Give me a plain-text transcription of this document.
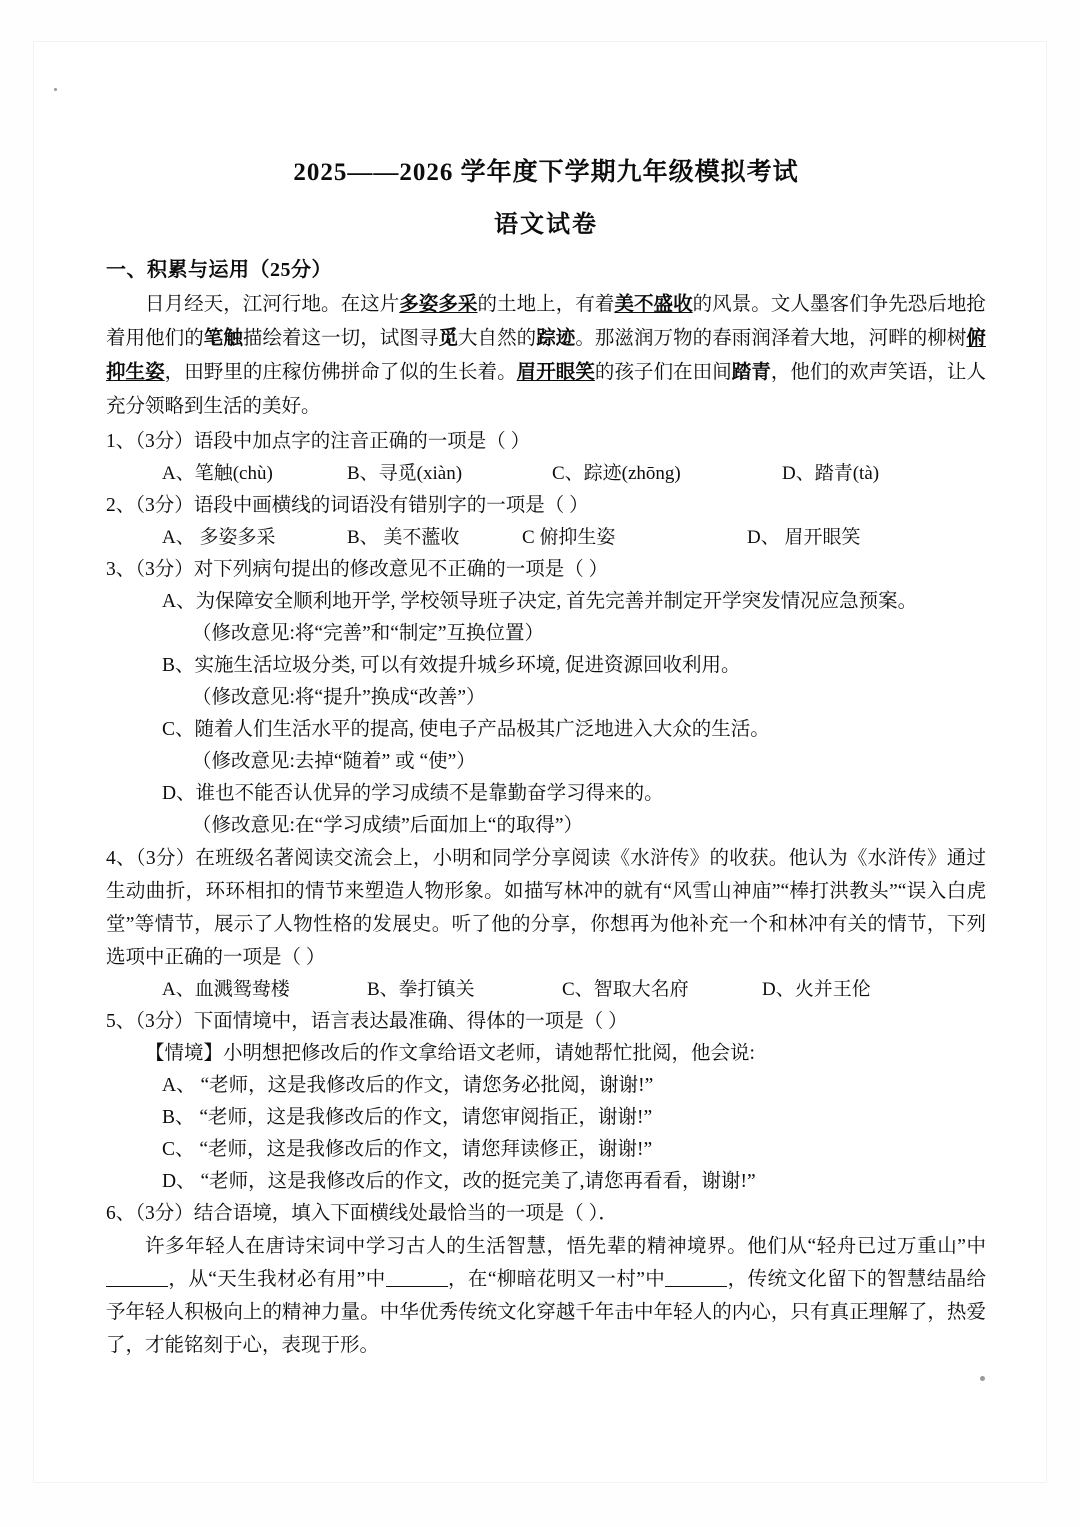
2025——2026 学年度下学期九年级模拟考试
语文试卷
一、积累与运用（25分）

日月经天，江河行地。在这片多姿多采的土地上，有着美不盛收的风景。文人墨客们争先恐后地抢着用他们的笔触描绘着这一切，试图寻觅大自然的踪迹。那滋润万物的春雨润泽着大地，河畔的柳树俯抑生姿，田野里的庄稼仿佛拼命了似的生长着。眉开眼笑的孩子们在田间踏青，他们的欢声笑语，让人充分领略到生活的美好。

1、（3分）语段中加点字的注音正确的一项是（ ）

A、笔触(chù)	B、寻觅(xiàn)	C、踪迹(zhōng)	D、踏青(tà)

2、（3分）语段中画横线的词语没有错别字的一项是（ ）

A、 多姿多采	B、 美不蘫收	C 俯抑生姿	D、 眉开眼笑

3、（3分）对下列病句提出的修改意见不正确的一项是（ ）

A、为保障安全顺利地开学, 学校领导班子决定, 首先完善并制定开学突发情况应急预案。

（修改意见:将“完善”和“制定”互换位置）

B、实施生活垃圾分类, 可以有效提升城乡环境, 促进资源回收利用。

（修改意见:将“提升”换成“改善”）

C、随着人们生活水平的提高, 使电子产品极其广泛地进入大众的生活。

（修改意见:去掉“随着” 或 “使”）

D、谁也不能否认优异的学习成绩不是靠勤奋学习得来的。

（修改意见:在“学习成绩”后面加上“的取得”）

4、（3分）在班级名著阅读交流会上，小明和同学分享阅读《水浒传》的收获。他认为《水浒传》通过生动曲折，环环相扣的情节来塑造人物形象。如描写林冲的就有“风雪山神庙”“棒打洪教头”“误入白虎堂”等情节，展示了人物性格的发展史。听了他的分享，你想再为他补充一个和林冲有关的情节，下列选项中正确的一项是（ ）

A、血溅鸳鸯楼	B、拳打镇关	C、智取大名府	D、火并王伦

5、（3分）下面情境中，语言表达最准确、得体的一项是（ ）

【情境】小明想把修改后的作文拿给语文老师，请她帮忙批阅，他会说:

A、 “老师，这是我修改后的作文，请您务必批阅，谢谢!”

B、 “老师，这是我修改后的作文，请您审阅指正，谢谢!”

C、 “老师，这是我修改后的作文，请您拜读修正，谢谢!”

D、 “老师，这是我修改后的作文，改的挺完美了,请您再看看，谢谢!”

6、（3分）结合语境，填入下面横线处最恰当的一项是（ ）．

许多年轻人在唐诗宋词中学习古人的生活智慧，悟先辈的精神境界。他们从“轻舟已过万重山”中，从“天生我材必有用”中	，在“柳暗花明又一村”中	，传统文化留下的智慧结晶给予年轻人积极向上的精神力量。中华优秀传统文化穿越千年击中年轻人的内心，只有真正理解了，热爱了，才能铭刻于心，表现于形。
